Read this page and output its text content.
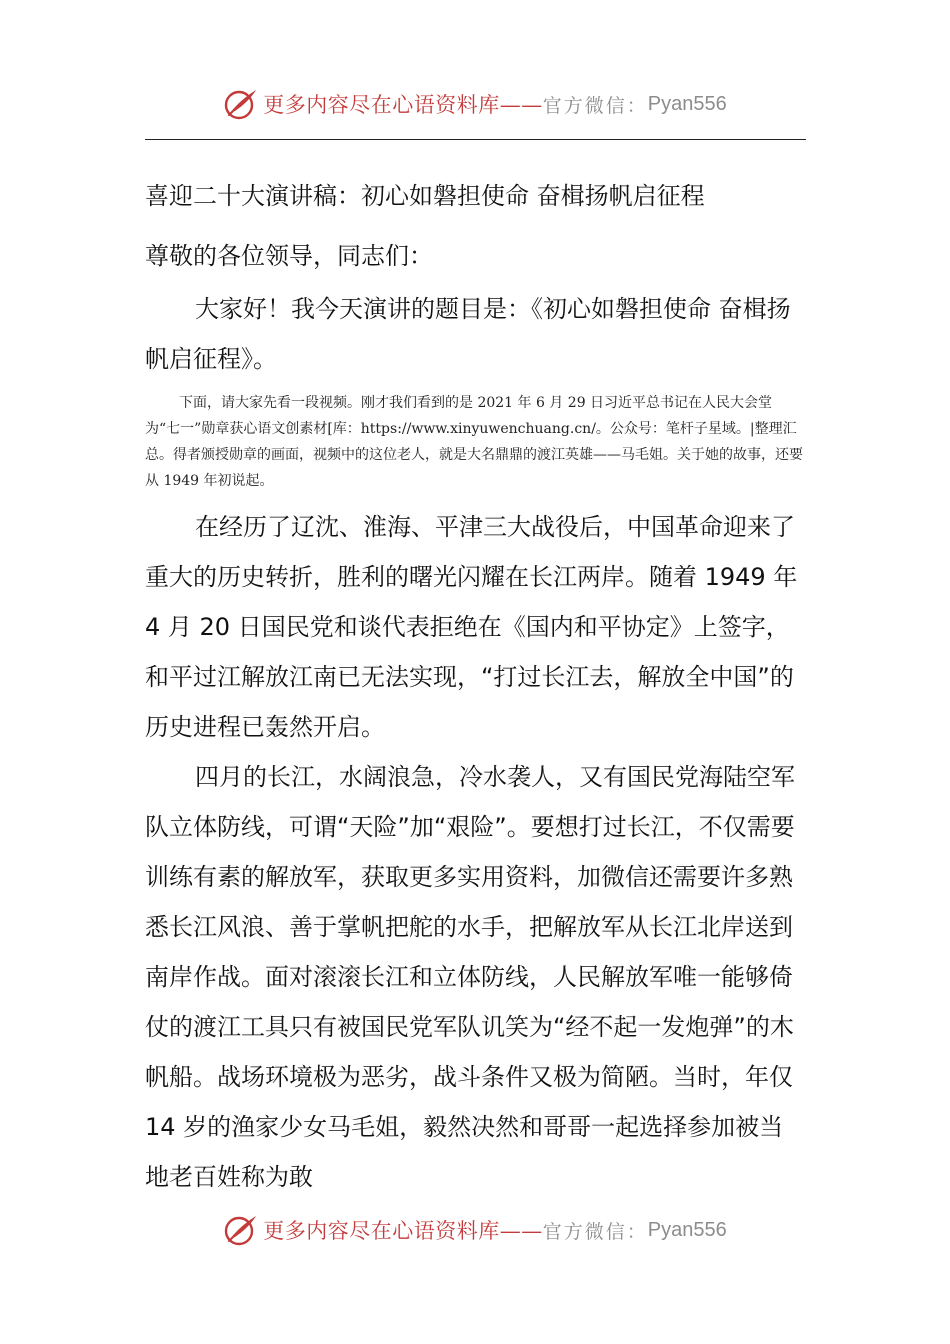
更多内容尽在心语资料库—— 官方微信： Pyan556
喜迎二十大演讲稿：初心如磐担使命 奋楫扬帆启征程

尊敬的各位领导，同志们：

大家好！我今天演讲的题目是：《初心如磐担使命 奋楫扬帆启征程》。

下面，请大家先看一段视频。刚才我们看到的是 2021 年 6 月 29 日习近平总书记在人民大会堂为“七一”勋章获心语文创素材[库：https://www.xinyuwenchuang.cn/。公众号：笔杆子星域。|整理汇总。得者颁授勋章的画面，视频中的这位老人，就是大名鼎鼎的渡江英雄——马毛姐。关于她的故事，还要从 1949 年初说起。

在经历了辽沈、淮海、平津三大战役后，中国革命迎来了重大的历史转折，胜利的曙光闪耀在长江两岸。随着 1949 年 4 月 20 日国民党和谈代表拒绝在《国内和平协定》上签字，和平过江解放江南已无法实现，“打过长江去，解放全中国”的历史进程已轰然开启。

四月的长江，水阔浪急，冷水袭人，又有国民党海陆空军队立体防线，可谓“天险”加“艰险”。要想打过长江，不仅需要训练有素的解放军，获取更多实用资料，加微信还需要许多熟悉长江风浪、善于掌帆把舵的水手，把解放军从长江北岸送到南岸作战。面对滚滚长江和立体防线，人民解放军唯一能够倚仗的渡江工具只有被国民党军队讥笑为“经不起一发炮弹”的木帆船。战场环境极为恶劣，战斗条件又极为简陋。当时，年仅 14 岁的渔家少女马毛姐，毅然决然和哥哥一起选择参加被当地老百姓称为敢

更多内容尽在心语资料库—— 官方微信： Pyan556
